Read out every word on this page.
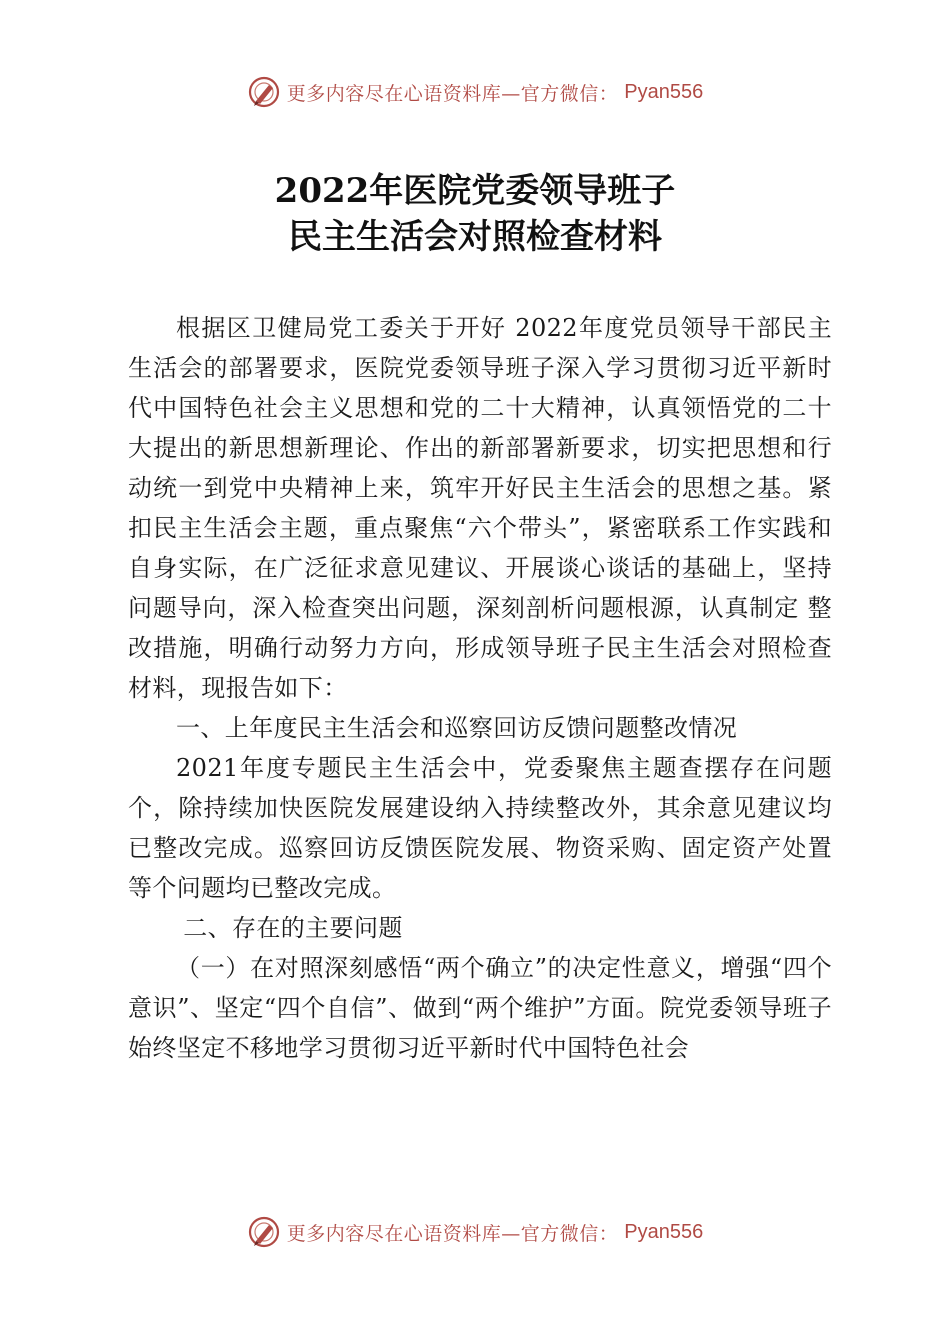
更多内容尽在心语资料库—官方微信： Pyan556
2022年医院党委领导班子
民主生活会对照检查材料

根据区卫健局党工委关于开好 2022年度党员领导干部民主生活会的部署要求，医院党委领导班子深入学习贯彻习近平新时代中国特色社会主义思想和党的二十大精神，认真领悟党的二十大提出的新思想新理论、作出的新部署新要求，切实把思想和行动统一到党中央精神上来，筑牢开好民主生活会的思想之基。紧扣民主生活会主题，重点聚焦“六个带头”，紧密联系工作实践和自身实际，在广泛征求意见建议、开展谈心谈话的基础上，坚持问题导向，深入检查突出问题，深刻剖析问题根源，认真制定 整改措施，明确行动努力方向，形成领导班子民主生活会对照检查材料，现报告如下：

一、上年度民主生活会和巡察回访反馈问题整改情况

2021年度专题民主生活会中，党委聚焦主题查摆存在问题个，除持续加快医院发展建设纳入持续整改外，其余意见建议均已整改完成。巡察回访反馈医院发展、物资采购、固定资产处置等个问题均已整改完成。

二、存在的主要问题

（一）在对照深刻感悟“两个确立”的决定性意义，增强“四个意识”、坚定“四个自信”、做到“两个维护”方面。院党委领导班子始终坚定不移地学习贯彻习近平新时代中国特色社会

更多内容尽在心语资料库—官方微信： Pyan556
